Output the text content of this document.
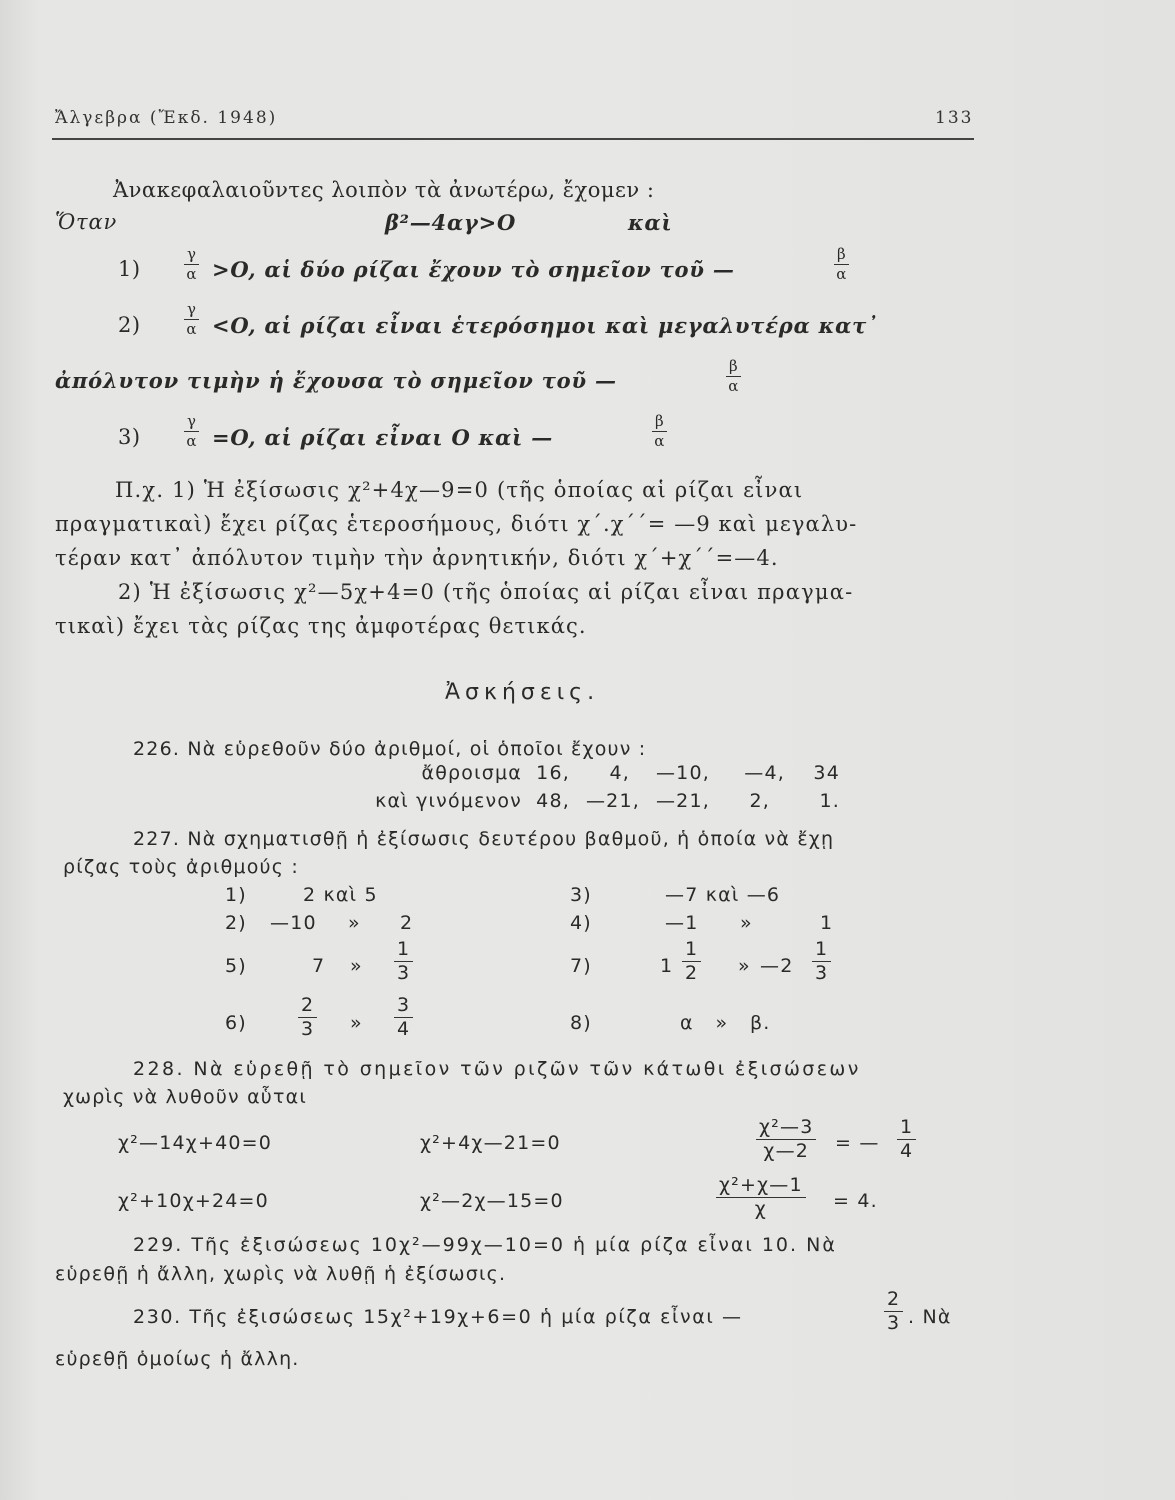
Ἄλγεβρα (Ἔκδ. 1948)	133
Ἀνακεφαλαιοῦντες λοιπὸν τὰ ἀνωτέρω, ἔχομεν :
Ὅταν	β²—4αγ>O	καὶ
1)	$\frac{\gamma}{\alpha} >O$, αἱ δύο ρίζαι ἔχουν τὸ σημεῖον τοῦ —	$\frac{\beta}{\alpha}$
2)	$\frac{\gamma}{\alpha} <O$, αἱ ρίζαι εἶναι ἑτερόσημοι καὶ μεγαλυτέρα κατ᾽
ἀπόλυτον τιμὴν ἡ ἔχουσα τὸ σημεῖον τοῦ —	$\frac{\beta}{\alpha}$
3)	$\frac{\gamma}{\alpha} =O$, αἱ ρίζαι εἶναι O καὶ —	$\frac{\beta}{\alpha}$
Π.χ. 1) Ἡ ἐξίσωσις χ²+4χ—9=0 (τῆς ὁποίας αἱ ρίζαι εἶναι
πραγματικαὶ) ἔχει ρίζας ἑτεροσήμους, διότι χ΄.χ΄΄= —9 καὶ μεγαλυ-
τέραν κατ᾽ ἀπόλυτον τιμὴν τὴν ἀρνητικήν, διότι χ΄+χ΄΄=—4.
2) Ἡ ἐξίσωσις χ²—5χ+4=0 (τῆς ὁποίας αἱ ρίζαι εἶναι πραγμα-
τικαὶ) ἔχει τὰς ρίζας της ἀμφοτέρας θετικάς.
Ἀσκήσεις.
226. Νὰ εὑρεθοῦν δύο ἀριθμοί, οἱ ὁποῖοι ἔχουν :
ἄθροισμα 16,	4,	—10,	—4,	34
καὶ γινόμενον 48, —21, —21,	2,	1.
227. Νὰ σχηματισθῇ ἡ ἐξίσωσις δευτέρου βαθμοῦ, ἡ ὁποία νὰ ἔχῃ
ρίζας τοὺς ἀριθμούς :
1)	2 καὶ 5	3)	—7 καὶ —6
2) —10 » 2	4)	—1 »	1
5)	7 » $\frac{1}{3}$	7)	$1 \frac{1}{2}$ » —2 $\frac{1}{3}$
6)	$\frac{2}{3}$ » $\frac{3}{4}$	8)	α   »   β.
228. Νὰ εὑρεθῇ τὸ σημεῖον τῶν ριζῶν τῶν κάτωθι ἐξισώσεων
χωρὶς νὰ λυθοῦν αὗται
χ²—14χ+40=0	χ²+4χ—21=0	$\frac{\text{χ²—3}}{\chi—2}$ = — $\frac{1}{4}$
χ²+10χ+24=0	χ²—2χ—15=0	$\frac{\text{χ²+χ—1}}{\chi} = 4$.
229. Τῆς ἐξισώσεως 10χ²—99χ—10=0 ἡ μία ρίζα εἶναι 10. Νὰ
εὑρεθῇ ἡ ἄλλη, χωρὶς νὰ λυθῇ ἡ ἐξίσωσις.
230. Τῆς ἐξισώσεως 15χ²+19χ+6=0 ἡ μία ρίζα εἶναι —	$\frac{2}{3}$ . Νὰ
εὑρεθῇ ὁμοίως ἡ ἄλλη.
